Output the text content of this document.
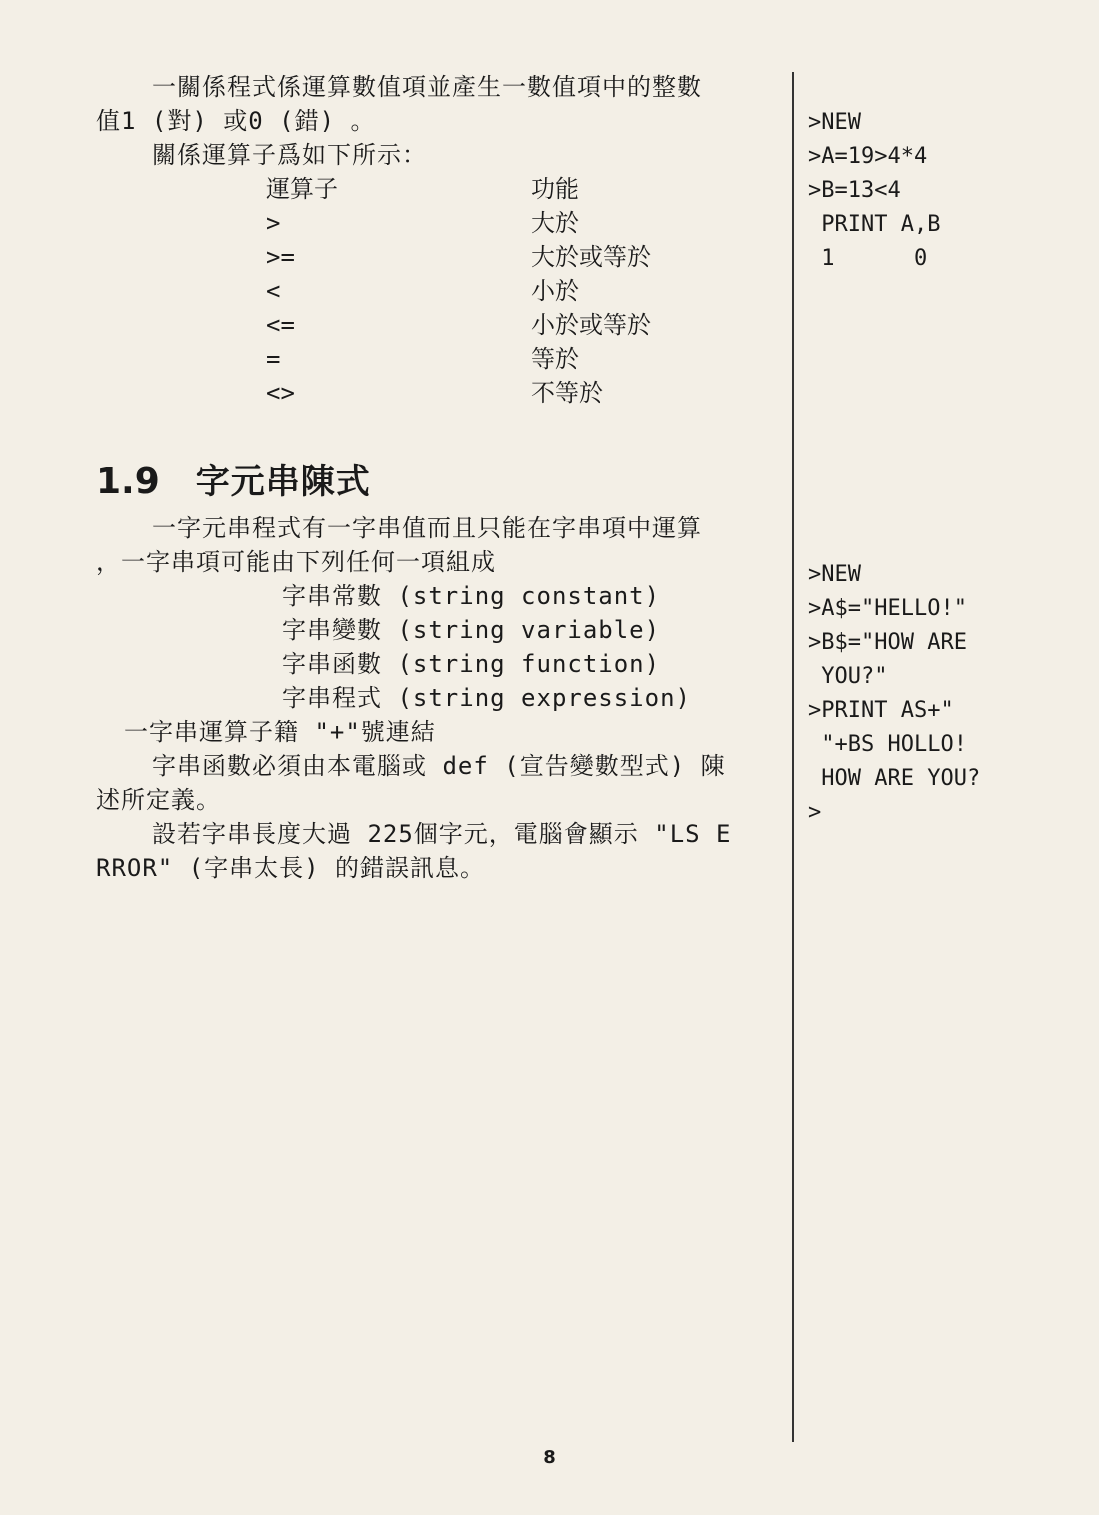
一關係程式係運算數值項並產生一數值項中的整數
值1 (對) 或0 (錯) 。
關係運算子爲如下所示：
運算子	功能
>	大於
>=	大於或等於
<	小於
<=	小於或等於
=	等於
<>	不等於
1.9 字元串陳式
一字元串程式有一字串值而且只能在字串項中運算
，一字串項可能由下列任何一項組成
字串常數 (string constant)
字串變數 (string variable)
字串函數 (string function)
字串程式 (string expression)
一字串運算子籍 "+"號連結
字串函數必須由本電腦或 def (宣告變數型式) 陳
述所定義。
設若字串長度大過 225個字元，電腦會顯示 "LS E
RROR" (字串太長) 的錯誤訊息。
>NEW
>A=19>4*4
>B=13<4
PRINT A,B
1      0
>NEW
>A$="HELLO!"
>B$="HOW ARE
YOU?"
>PRINT AS+"
"+BS HOLLO!
HOW ARE YOU?
>
8
